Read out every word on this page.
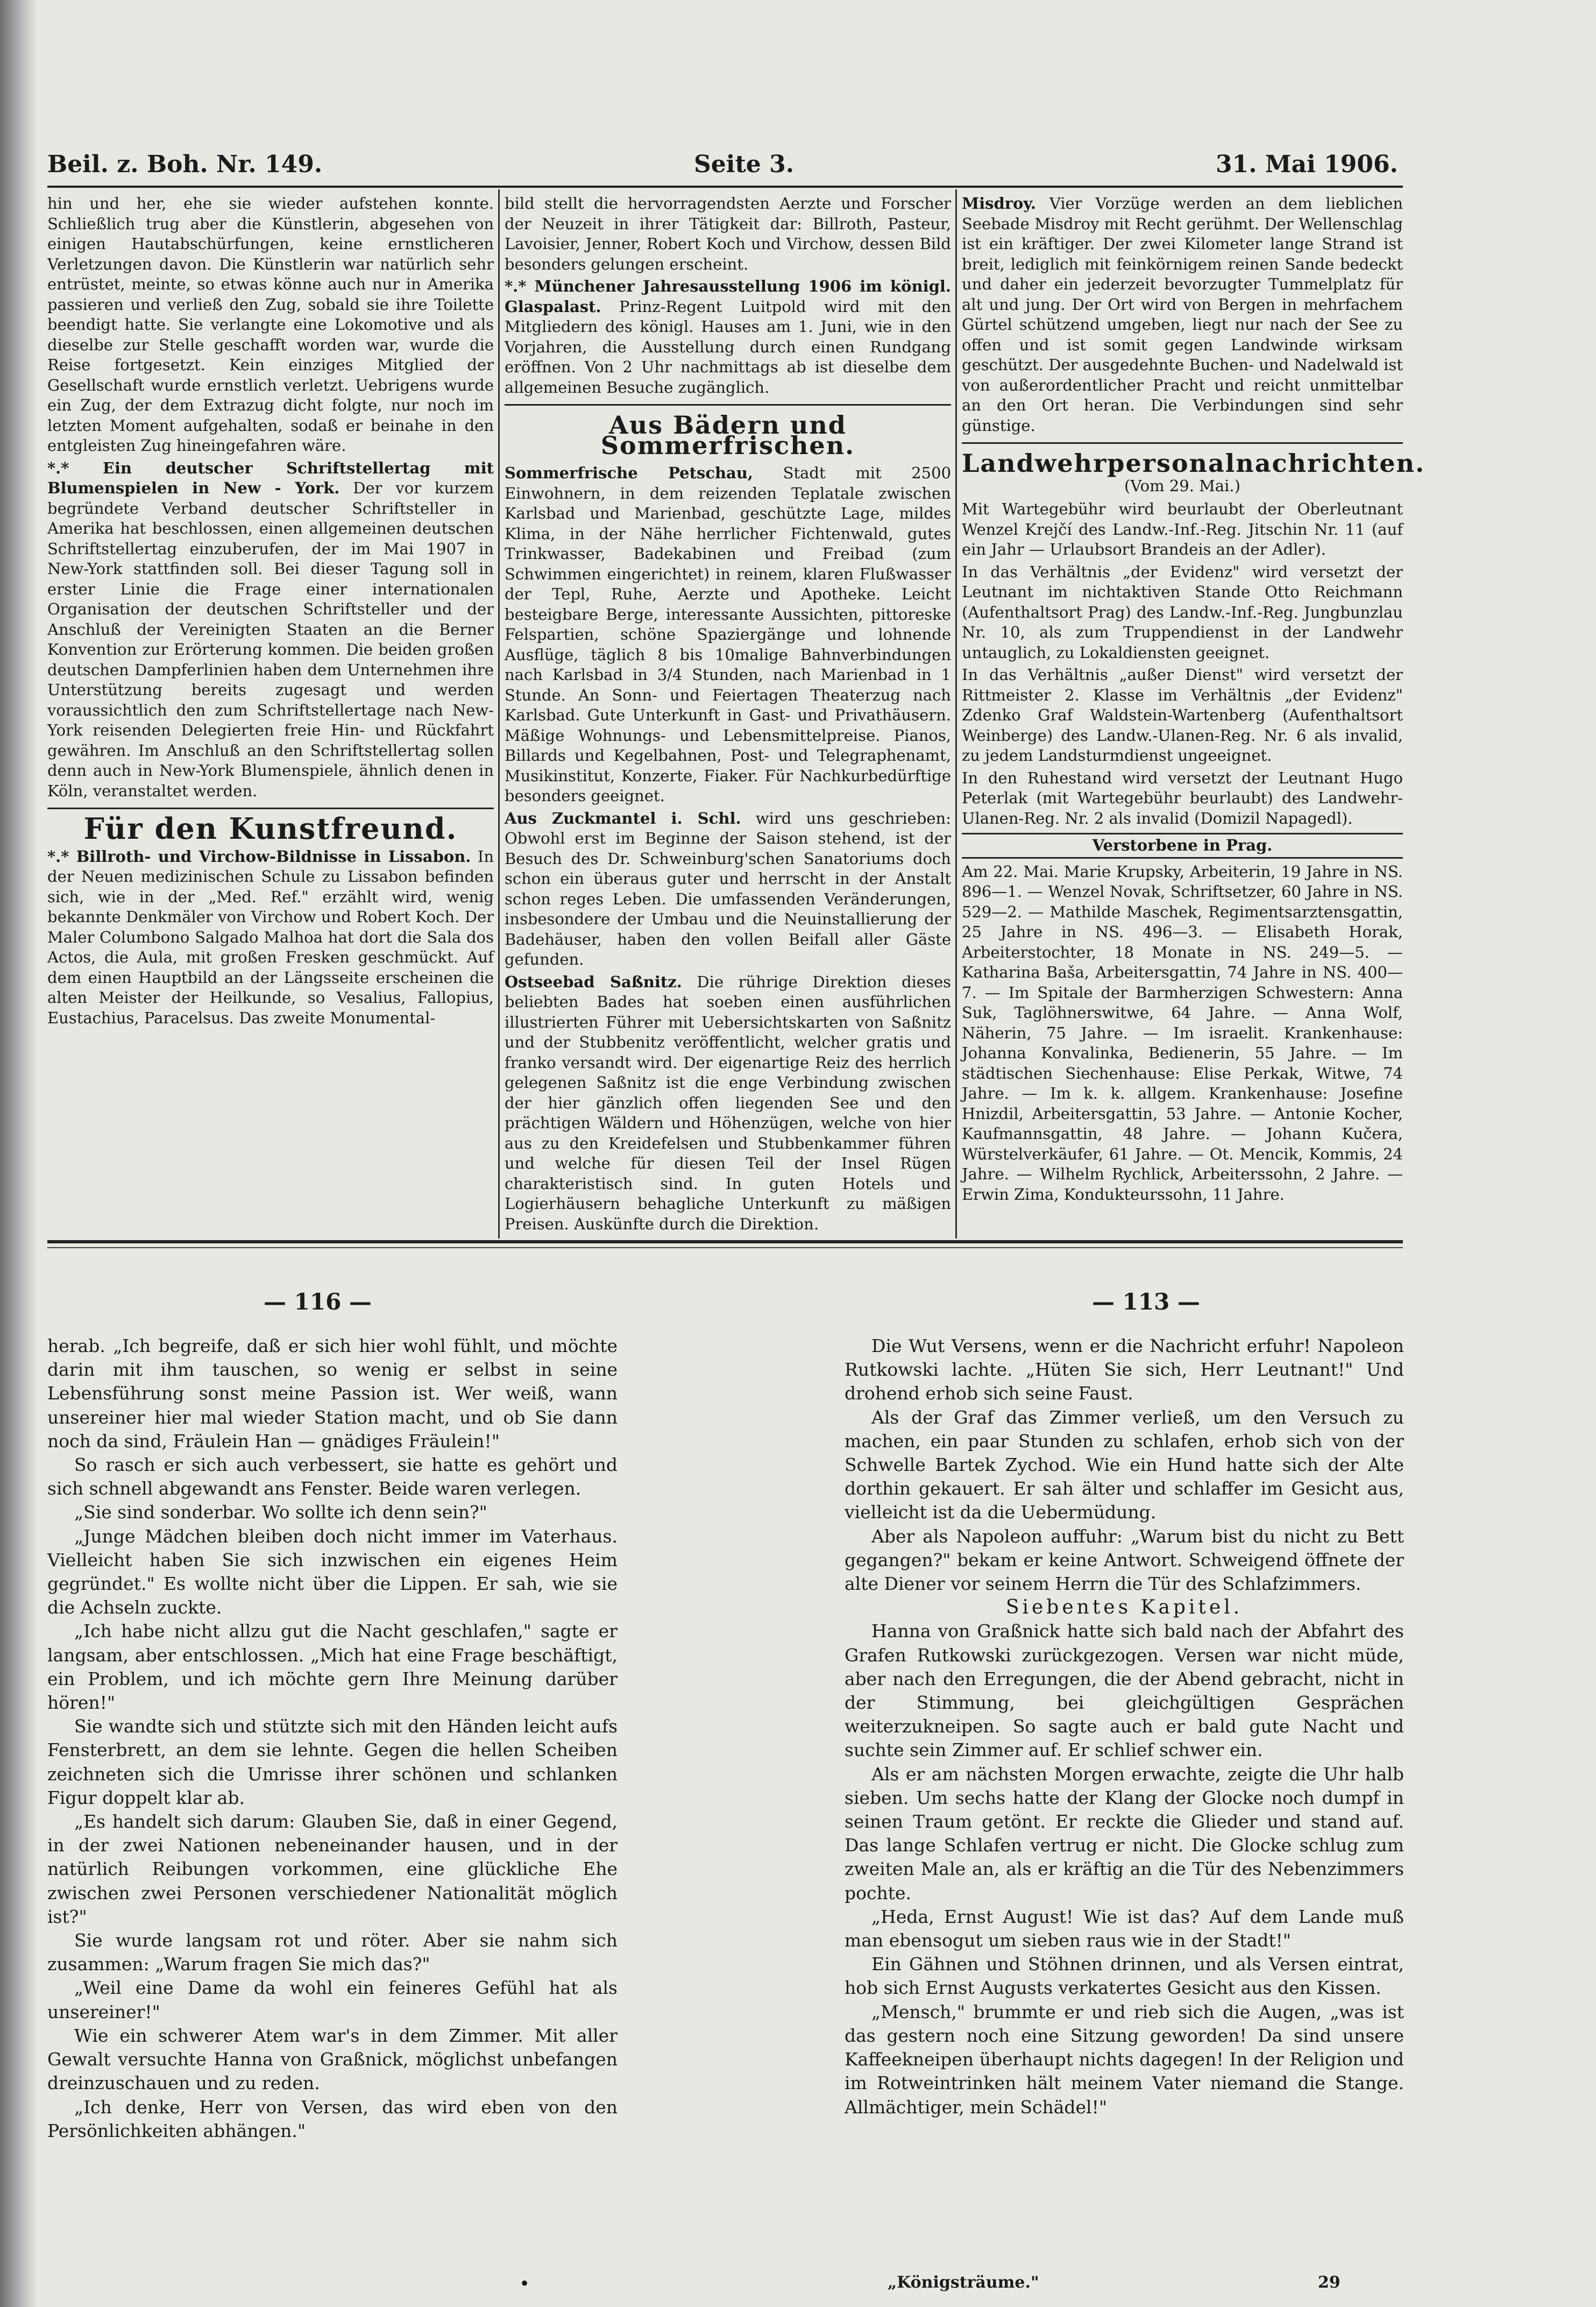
Beil. z. Boh. Nr. 149.	Seite 3.	31. Mai 1906.

hin und her, ehe sie wieder aufstehen konnte. Schließlich trug aber die Künstlerin, abgesehen von einigen Hautabschürfungen, keine ernstlicheren Verletzungen davon. Die Künstlerin war natürlich sehr entrüstet, meinte, so etwas könne auch nur in Amerika passieren und verließ den Zug, sobald sie ihre Toilette beendigt hatte. Sie verlangte eine Lokomotive und als dieselbe zur Stelle geschafft worden war, wurde die Reise fortgesetzt. Kein einziges Mitglied der Gesellschaft wurde ernstlich verletzt. Uebrigens wurde ein Zug, der dem Extrazug dicht folgte, nur noch im letzten Moment aufgehalten, sodaß er beinahe in den entgleisten Zug hineingefahren wäre.

*.* Ein deutscher Schriftstellertag mit Blumenspielen in New - York. Der vor kurzem begründete Verband deutscher Schriftsteller in Amerika hat beschlossen, einen allgemeinen deutschen Schriftstellertag einzuberufen, der im Mai 1907 in New-York stattfinden soll. Bei dieser Tagung soll in erster Linie die Frage einer internationalen Organisation der deutschen Schriftsteller und der Anschluß der Vereinigten Staaten an die Berner Konvention zur Erörterung kommen. Die beiden großen deutschen Dampferlinien haben dem Unternehmen ihre Unterstützung bereits zugesagt und werden voraussichtlich den zum Schriftstellertage nach New-York reisenden Delegierten freie Hin- und Rückfahrt gewähren. Im Anschluß an den Schriftstellertag sollen denn auch in New-York Blumenspiele, ähnlich denen in Köln, veranstaltet werden.

Für den Kunstfreund.

*.* Billroth- und Virchow-Bildnisse in Lissabon. In der Neuen medizinischen Schule zu Lissabon befinden sich, wie in der „Med. Ref." erzählt wird, wenig bekannte Denkmäler von Virchow und Robert Koch. Der Maler Columbono Salgado Malhoa hat dort die Sala dos Actos, die Aula, mit großen Fresken geschmückt. Auf dem einen Hauptbild an der Längsseite erscheinen die alten Meister der Heilkunde, so Vesalius, Fallopius, Eustachius, Paracelsus. Das zweite Monumental-

bild stellt die hervorragendsten Aerzte und Forscher der Neuzeit in ihrer Tätigkeit dar: Billroth, Pasteur, Lavoisier, Jenner, Robert Koch und Virchow, dessen Bild besonders gelungen erscheint.

*.* Münchener Jahresausstellung 1906 im königl. Glaspalast. Prinz-Regent Luitpold wird mit den Mitgliedern des königl. Hauses am 1. Juni, wie in den Vorjahren, die Ausstellung durch einen Rundgang eröffnen. Von 2 Uhr nachmittags ab ist dieselbe dem allgemeinen Besuche zugänglich.

Aus Bädern und Sommerfrischen.

Sommerfrische Petschau, Stadt mit 2500 Einwohnern, in dem reizenden Teplatale zwischen Karlsbad und Marienbad, geschützte Lage, mildes Klima, in der Nähe herrlicher Fichtenwald, gutes Trinkwasser, Badekabinen und Freibad (zum Schwimmen eingerichtet) in reinem, klaren Flußwasser der Tepl, Ruhe, Aerzte und Apotheke. Leicht besteigbare Berge, interessante Aussichten, pittoreske Felspartien, schöne Spaziergänge und lohnende Ausflüge, täglich 8 bis 10malige Bahnverbindungen nach Karlsbad in 3/4 Stunden, nach Marienbad in 1 Stunde. An Sonn- und Feiertagen Theaterzug nach Karlsbad. Gute Unterkunft in Gast- und Privathäusern. Mäßige Wohnungs- und Lebensmittelpreise. Pianos, Billards und Kegelbahnen, Post- und Telegraphenamt, Musikinstitut, Konzerte, Fiaker. Für Nachkurbedürftige besonders geeignet.

Aus Zuckmantel i. Schl. wird uns geschrieben: Obwohl erst im Beginne der Saison stehend, ist der Besuch des Dr. Schweinburg'schen Sanatoriums doch schon ein überaus guter und herrscht in der Anstalt schon reges Leben. Die umfassenden Veränderungen, insbesondere der Umbau und die Neuinstallierung der Badehäuser, haben den vollen Beifall aller Gäste gefunden.

Ostseebad Saßnitz. Die rührige Direktion dieses beliebten Bades hat soeben einen ausführlichen illustrierten Führer mit Uebersichtskarten von Saßnitz und der Stubbenitz veröffentlicht, welcher gratis und franko versandt wird. Der eigenartige Reiz des herrlich gelegenen Saßnitz ist die enge Verbindung zwischen der hier gänzlich offen liegenden See und den prächtigen Wäldern und Höhenzügen, welche von hier aus zu den Kreidefelsen und Stubbenkammer führen und welche für diesen Teil der Insel Rügen charakteristisch sind. In guten Hotels und Logierhäusern behagliche Unterkunft zu mäßigen Preisen. Auskünfte durch die Direktion.

Misdroy. Vier Vorzüge werden an dem lieblichen Seebade Misdroy mit Recht gerühmt. Der Wellenschlag ist ein kräftiger. Der zwei Kilometer lange Strand ist breit, lediglich mit feinkörnigem reinen Sande bedeckt und daher ein jederzeit bevorzugter Tummelplatz für alt und jung. Der Ort wird von Bergen in mehrfachem Gürtel schützend umgeben, liegt nur nach der See zu offen und ist somit gegen Landwinde wirksam geschützt. Der ausgedehnte Buchen- und Nadelwald ist von außerordentlicher Pracht und reicht unmittelbar an den Ort heran. Die Verbindungen sind sehr günstige.

Landwehrpersonalnachrichten.
(Vom 29. Mai.)

Mit Wartegebühr wird beurlaubt der Oberleutnant Wenzel Krejčí des Landw.-Inf.-Reg. Jitschin Nr. 11 (auf ein Jahr — Urlaubsort Brandeis an der Adler).

In das Verhältnis „der Evidenz" wird versetzt der Leutnant im nichtaktiven Stande Otto Reichmann (Aufenthaltsort Prag) des Landw.-Inf.-Reg. Jungbunzlau Nr. 10, als zum Truppendienst in der Landwehr untauglich, zu Lokaldiensten geeignet.

In das Verhältnis „außer Dienst" wird versetzt der Rittmeister 2. Klasse im Verhältnis „der Evidenz" Zdenko Graf Waldstein-Wartenberg (Aufenthaltsort Weinberge) des Landw.-Ulanen-Reg. Nr. 6 als invalid, zu jedem Landsturmdienst ungeeignet.

In den Ruhestand wird versetzt der Leutnant Hugo Peterlak (mit Wartegebühr beurlaubt) des Landwehr-Ulanen-Reg. Nr. 2 als invalid (Domizil Napagedl).

Verstorbene in Prag.

Am 22. Mai. Marie Krupsky, Arbeiterin, 19 Jahre in NS. 896—1. — Wenzel Novak, Schriftsetzer, 60 Jahre in NS. 529—2. — Mathilde Maschek, Regimentsarztensgattin, 25 Jahre in NS. 496—3. — Elisabeth Horak, Arbeiterstochter, 18 Monate in NS. 249—5. — Katharina Baša, Arbeitersgattin, 74 Jahre in NS. 400—7. — Im Spitale der Barmherzigen Schwestern: Anna Suk, Taglöhnerswitwe, 64 Jahre. — Anna Wolf, Näherin, 75 Jahre. — Im israelit. Krankenhause: Johanna Konvalinka, Bedienerin, 55 Jahre. — Im städtischen Siechenhause: Elise Perkak, Witwe, 74 Jahre. — Im k. k. allgem. Krankenhause: Josefine Hnizdil, Arbeitersgattin, 53 Jahre. — Antonie Kocher, Kaufmannsgattin, 48 Jahre. — Johann Kučera, Würstelverkäufer, 61 Jahre. — Ot. Mencik, Kommis, 24 Jahre. — Wilhelm Rychlick, Arbeiterssohn, 2 Jahre. — Erwin Zima, Kondukteurssohn, 11 Jahre.

— 116 —	— 113 —

herab. „Ich begreife, daß er sich hier wohl fühlt, und möchte darin mit ihm tauschen, so wenig er selbst in seine Lebensführung sonst meine Passion ist. Wer weiß, wann unsereiner hier mal wieder Station macht, und ob Sie dann noch da sind, Fräulein Han — gnädiges Fräulein!"

So rasch er sich auch verbessert, sie hatte es gehört und sich schnell abgewandt ans Fenster. Beide waren verlegen.

„Sie sind sonderbar. Wo sollte ich denn sein?"

„Junge Mädchen bleiben doch nicht immer im Vaterhaus. Vielleicht haben Sie sich inzwischen ein eigenes Heim gegründet." Es wollte nicht über die Lippen. Er sah, wie sie die Achseln zuckte.

„Ich habe nicht allzu gut die Nacht geschlafen," sagte er langsam, aber entschlossen. „Mich hat eine Frage beschäftigt, ein Problem, und ich möchte gern Ihre Meinung darüber hören!"

Sie wandte sich und stützte sich mit den Händen leicht aufs Fensterbrett, an dem sie lehnte. Gegen die hellen Scheiben zeichneten sich die Umrisse ihrer schönen und schlanken Figur doppelt klar ab.

„Es handelt sich darum: Glauben Sie, daß in einer Gegend, in der zwei Nationen nebeneinander hausen, und in der natürlich Reibungen vorkommen, eine glückliche Ehe zwischen zwei Personen verschiedener Nationalität möglich ist?"

Sie wurde langsam rot und röter. Aber sie nahm sich zusammen: „Warum fragen Sie mich das?"

„Weil eine Dame da wohl ein feineres Gefühl hat als unsereiner!"

Wie ein schwerer Atem war's in dem Zimmer. Mit aller Gewalt versuchte Hanna von Graßnick, möglichst unbefangen dreinzuschauen und zu reden.

„Ich denke, Herr von Versen, das wird eben von den Persönlichkeiten abhängen."

Die Wut Versens, wenn er die Nachricht erfuhr! Napoleon Rutkowski lachte. „Hüten Sie sich, Herr Leutnant!" Und drohend erhob sich seine Faust.

Als der Graf das Zimmer verließ, um den Versuch zu machen, ein paar Stunden zu schlafen, erhob sich von der Schwelle Bartek Zychod. Wie ein Hund hatte sich der Alte dorthin gekauert. Er sah älter und schlaffer im Gesicht aus, vielleicht ist da die Uebermüdung.

Aber als Napoleon auffuhr: „Warum bist du nicht zu Bett gegangen?" bekam er keine Antwort. Schweigend öffnete der alte Diener vor seinem Herrn die Tür des Schlafzimmers.

Siebentes Kapitel.

Hanna von Graßnick hatte sich bald nach der Abfahrt des Grafen Rutkowski zurückgezogen. Versen war nicht müde, aber nach den Erregungen, die der Abend gebracht, nicht in der Stimmung, bei gleichgültigen Gesprächen weiterzukneipen. So sagte auch er bald gute Nacht und suchte sein Zimmer auf. Er schlief schwer ein.

Als er am nächsten Morgen erwachte, zeigte die Uhr halb sieben. Um sechs hatte der Klang der Glocke noch dumpf in seinen Traum getönt. Er reckte die Glieder und stand auf. Das lange Schlafen vertrug er nicht. Die Glocke schlug zum zweiten Male an, als er kräftig an die Tür des Nebenzimmers pochte.

„Heda, Ernst August! Wie ist das? Auf dem Lande muß man ebensogut um sieben raus wie in der Stadt!"

Ein Gähnen und Stöhnen drinnen, und als Versen eintrat, hob sich Ernst Augusts verkatertes Gesicht aus den Kissen.

„Mensch," brummte er und rieb sich die Augen, „was ist das gestern noch eine Sitzung geworden! Da sind unsere Kaffeekneipen überhaupt nichts dagegen! In der Religion und im Rotweintrinken hält meinem Vater niemand die Stange. Allmächtiger, mein Schädel!"

•	„Königsträume."	29
